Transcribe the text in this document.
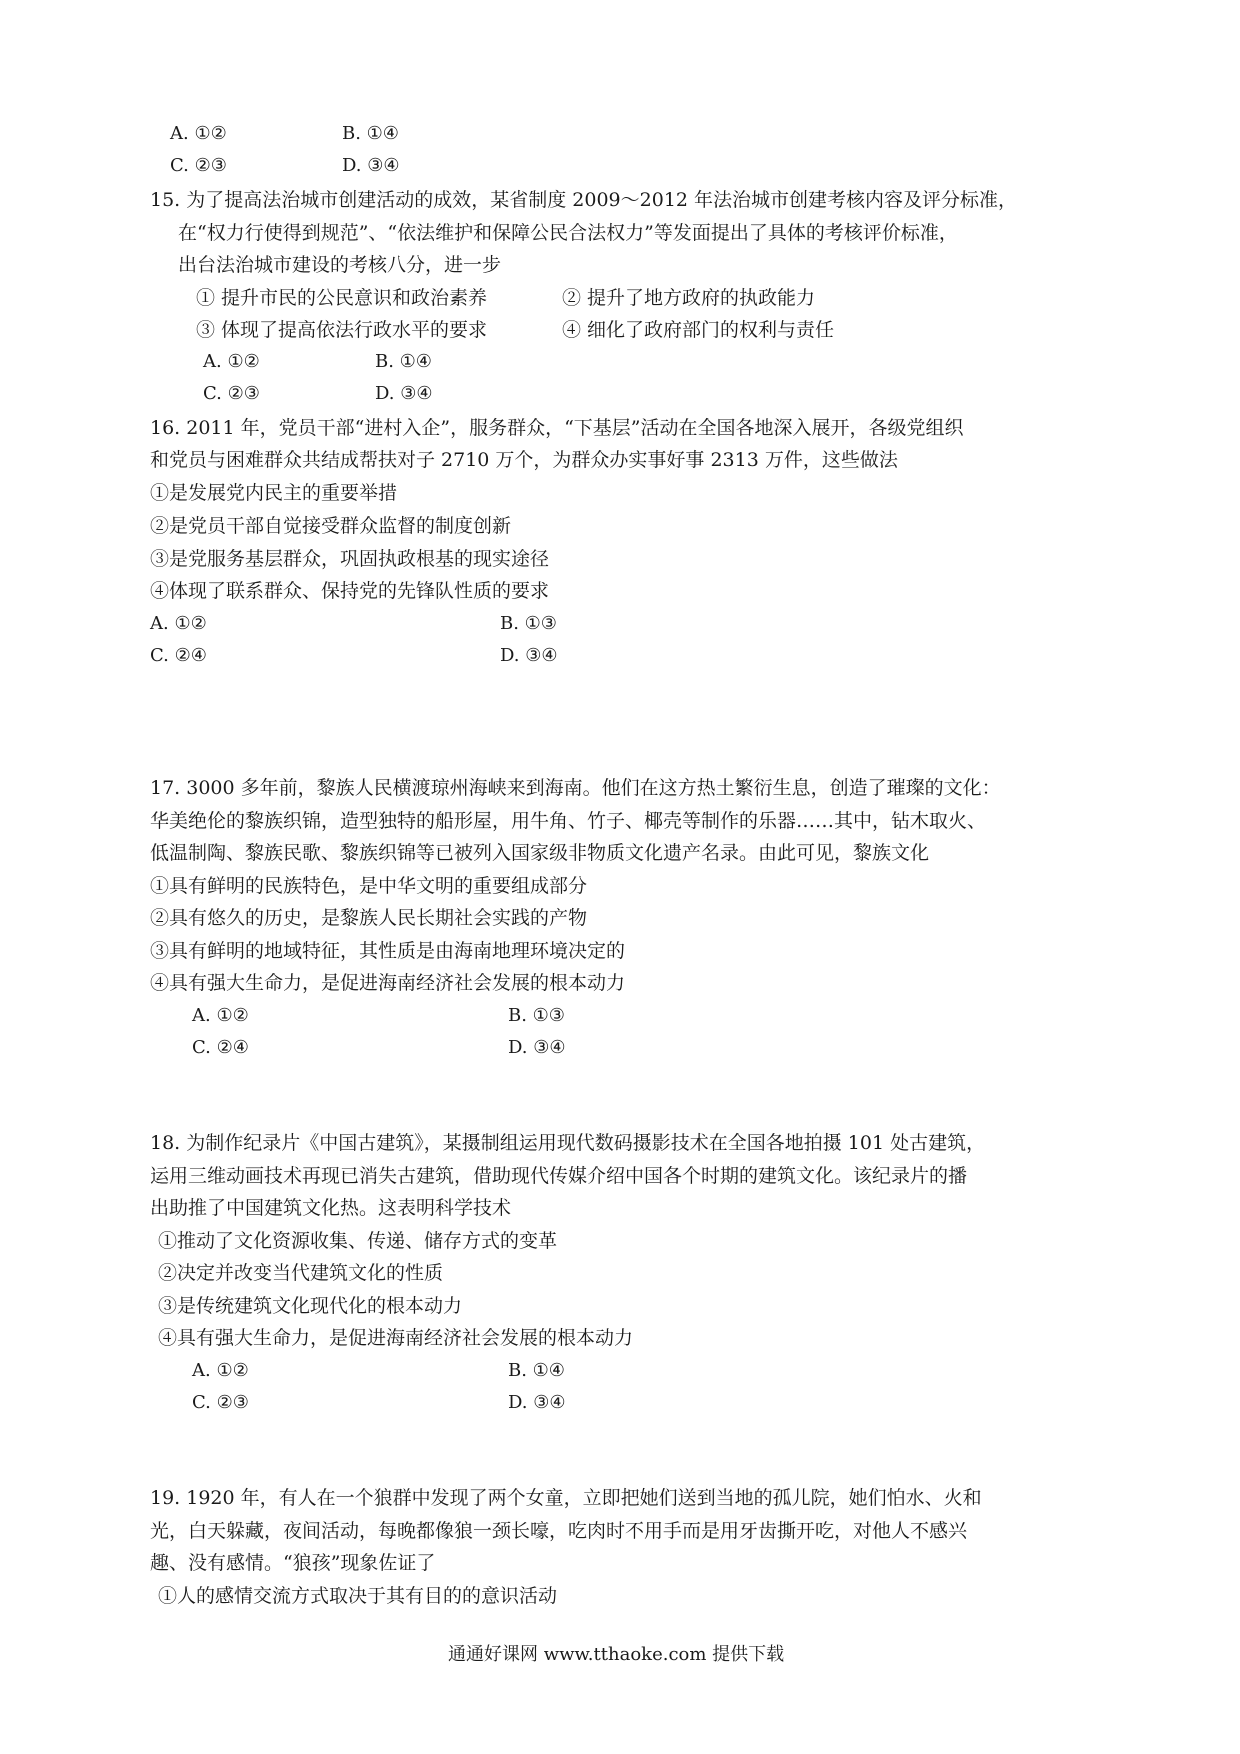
A. ①②	B. ①④
C. ②③	D. ③④
15. 为了提高法治城市创建活动的成效，某省制度 2009～2012 年法治城市创建考核内容及评分标准，
在“权力行使得到规范”、“依法维护和保障公民合法权力”等发面提出了具体的考核评价标准，
出台法治城市建设的考核八分，进一步
① 提升市民的公民意识和政治素养	② 提升了地方政府的执政能力
③ 体现了提高依法行政水平的要求	④ 细化了政府部门的权利与责任
A. ①②	B. ①④
C. ②③	D. ③④
16. 2011 年，党员干部“进村入企”，服务群众，“下基层”活动在全国各地深入展开，各级党组织
和党员与困难群众共结成帮扶对子 2710 万个，为群众办实事好事 2313 万件，这些做法
①是发展党内民主的重要举措
②是党员干部自觉接受群众监督的制度创新
③是党服务基层群众，巩固执政根基的现实途径
④体现了联系群众、保持党的先锋队性质的要求
A. ①②	B. ①③
C. ②④	D. ③④
17. 3000 多年前，黎族人民横渡琼州海峡来到海南。他们在这方热土繁衍生息，创造了璀璨的文化：
华美绝伦的黎族织锦，造型独特的船形屋，用牛角、竹子、椰壳等制作的乐器……其中，钻木取火、
低温制陶、黎族民歌、黎族织锦等已被列入国家级非物质文化遗产名录。由此可见，黎族文化
①具有鲜明的民族特色，是中华文明的重要组成部分
②具有悠久的历史，是黎族人民长期社会实践的产物
③具有鲜明的地域特征，其性质是由海南地理环境决定的
④具有强大生命力，是促进海南经济社会发展的根本动力
A. ①②	B. ①③
C. ②④	D. ③④
18. 为制作纪录片《中国古建筑》，某摄制组运用现代数码摄影技术在全国各地拍摄 101 处古建筑，
运用三维动画技术再现已消失古建筑，借助现代传媒介绍中国各个时期的建筑文化。该纪录片的播
出助推了中国建筑文化热。这表明科学技术
①推动了文化资源收集、传递、储存方式的变革
②决定并改变当代建筑文化的性质
③是传统建筑文化现代化的根本动力
④具有强大生命力，是促进海南经济社会发展的根本动力
A. ①②	B. ①④
C. ②③	D. ③④
19. 1920 年，有人在一个狼群中发现了两个女童，立即把她们送到当地的孤儿院，她们怕水、火和
光，白天躲藏，夜间活动，每晚都像狼一颈长嚎，吃肉时不用手而是用牙齿撕开吃，对他人不感兴
趣、没有感情。“狼孩”现象佐证了
①人的感情交流方式取决于其有目的的意识活动
通通好课网 www.tthaoke.com 提供下载
